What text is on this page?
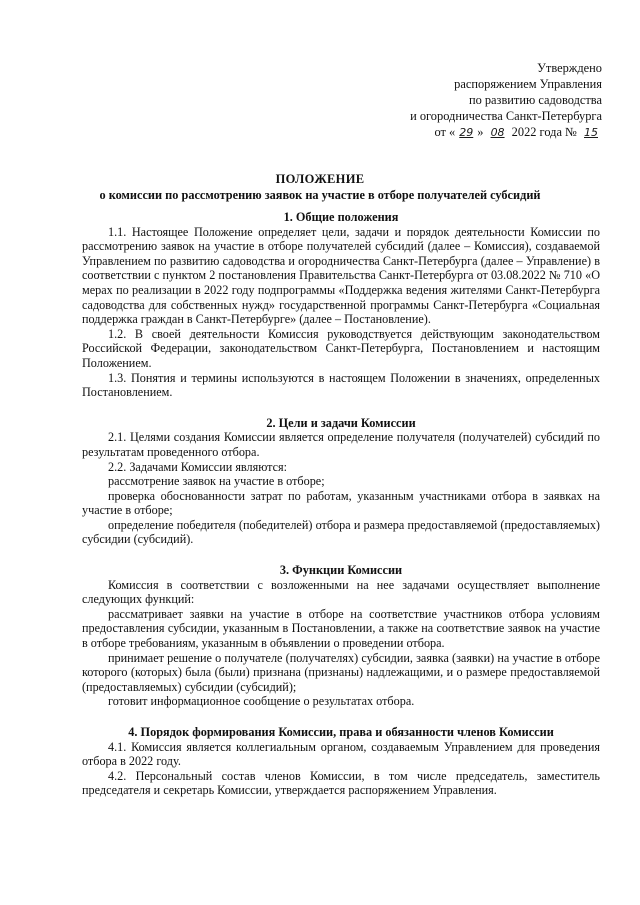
Утверждено
распоряжением Управления
по развитию садоводства
и огородничества Санкт-Петербурга
от « 29 » 08 2022 года № 15
ПОЛОЖЕНИЕ
о комиссии по рассмотрению заявок на участие в отборе получателей субсидий
1. Общие положения
1.1. Настоящее Положение определяет цели, задачи и порядок деятельности Комиссии по рассмотрению заявок на участие в отборе получателей субсидий (далее – Комиссия), создаваемой Управлением по развитию садоводства и огородничества Санкт-Петербурга (далее – Управление) в соответствии с пунктом 2 постановления Правительства Санкт-Петербурга от 03.08.2022 № 710 «О мерах по реализации в 2022 году подпрограммы «Поддержка ведения жителями Санкт-Петербурга садоводства для собственных нужд» государственной программы Санкт-Петербурга «Социальная поддержка граждан в Санкт-Петербурге» (далее – Постановление).
1.2. В своей деятельности Комиссия руководствуется действующим законодательством Российской Федерации, законодательством Санкт-Петербурга, Постановлением и настоящим Положением.
1.3. Понятия и термины используются в настоящем Положении в значениях, определенных Постановлением.
2. Цели и задачи Комиссии
2.1. Целями создания Комиссии является определение получателя (получателей) субсидий по результатам проведенного отбора.
2.2. Задачами Комиссии являются:
рассмотрение заявок на участие в отборе;
проверка обоснованности затрат по работам, указанным участниками отбора в заявках на участие в отборе;
определение победителя (победителей) отбора и размера предоставляемой (предоставляемых) субсидии (субсидий).
3. Функции Комиссии
Комиссия в соответствии с возложенными на нее задачами осуществляет выполнение следующих функций:
рассматривает заявки на участие в отборе на соответствие участников отбора условиям предоставления субсидии, указанным в Постановлении, а также на соответствие заявок на участие в отборе требованиям, указанным в объявлении о проведении отбора.
принимает решение о получателе (получателях) субсидии, заявка (заявки) на участие в отборе которого (которых) была (были) признана (признаны) надлежащими, и о размере предоставляемой (предоставляемых) субсидии (субсидий);
готовит информационное сообщение о результатах отбора.
4. Порядок формирования Комиссии, права и обязанности членов Комиссии
4.1. Комиссия является коллегиальным органом, создаваемым Управлением для проведения отбора в 2022 году.
4.2. Персональный состав членов Комиссии, в том числе председатель, заместитель председателя и секретарь Комиссии, утверждается распоряжением Управления.
